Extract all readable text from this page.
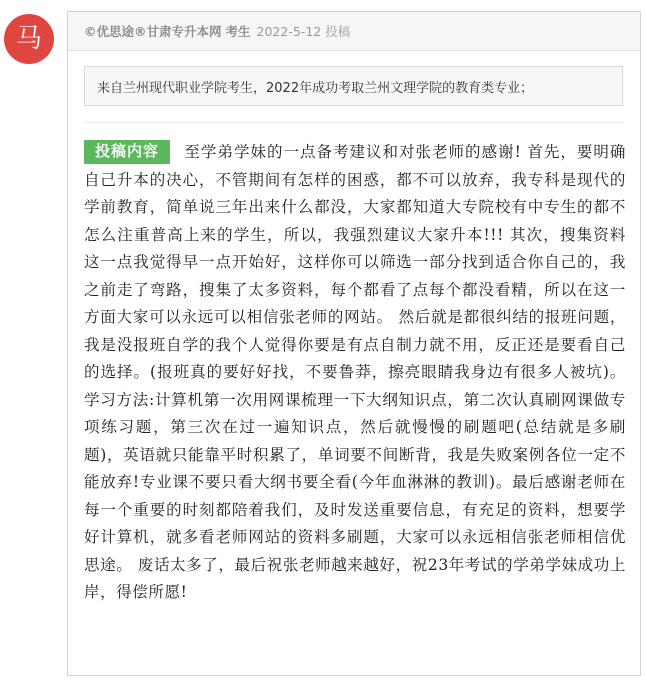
马	©优思途®甘肃专升本网 考生 2022-5-12 投稿
来自兰州现代职业学院考生，2022年成功考取兰州文理学院的教育类专业；
投稿内容 至学弟学妹的一点备考建议和对张老师的感谢! 首先，要明确自己升本的决心，不管期间有怎样的困惑，都不可以放弃，我专科是现代的学前教育，简单说三年出来什么都没，大家都知道大专院校有中专生的都不怎么注重普高上来的学生，所以，我强烈建议大家升本!!! 其次，搜集资料 这一点我觉得早一点开始好，这样你可以筛选一部分找到适合你自己的，我之前走了弯路，搜集了太多资料，每个都看了点每个都没看精，所以在这一方面大家可以永远可以相信张老师的网站。 然后就是都很纠结的报班问题，我是没报班自学的我个人觉得你要是有点自制力就不用，反正还是要看自己的选择。(报班真的要好好找，不要鲁莽，擦亮眼睛我身边有很多人被坑)。学习方法:计算机第一次用网课梳理一下大纲知识点，第二次认真刷网课做专项练习题，第三次在过一遍知识点，然后就慢慢的刷题吧(总结就是多刷题)，英语就只能靠平时积累了，单词要不间断背，我是失败案例各位一定不能放弃!专业课不要只看大纲书要全看(今年血淋淋的教训)。最后感谢老师在每一个重要的时刻都陪着我们，及时发送重要信息，有充足的资料，想要学好计算机，就多看老师网站的资料多刷题，大家可以永远相信张老师相信优思途。 废话太多了，最后祝张老师越来越好，祝23年考试的学弟学妹成功上岸，得偿所愿!
